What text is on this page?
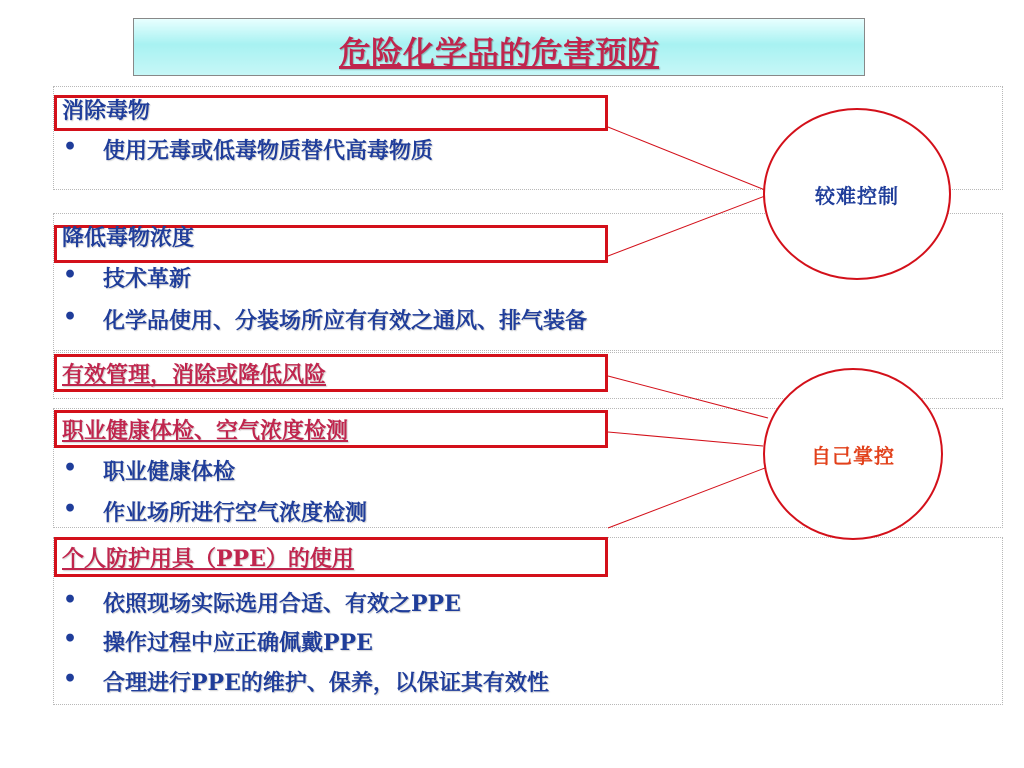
危险化学品的危害预防
消除毒物
• 使用无毒或低毒物质替代高毒物质
降低毒物浓度
• 技术革新
• 化学品使用、分装场所应有有效之通风、排气装备
有效管理，消除或降低风险
职业健康体检、空气浓度检测
• 职业健康体检
• 作业场所进行空气浓度检测
个人防护用具（PPE）的使用
• 依照现场实际选用合适、有效之PPE
• 操作过程中应正确佩戴PPE
• 合理进行PPE的维护、保养，以保证其有效性
较难控制
自己掌控
